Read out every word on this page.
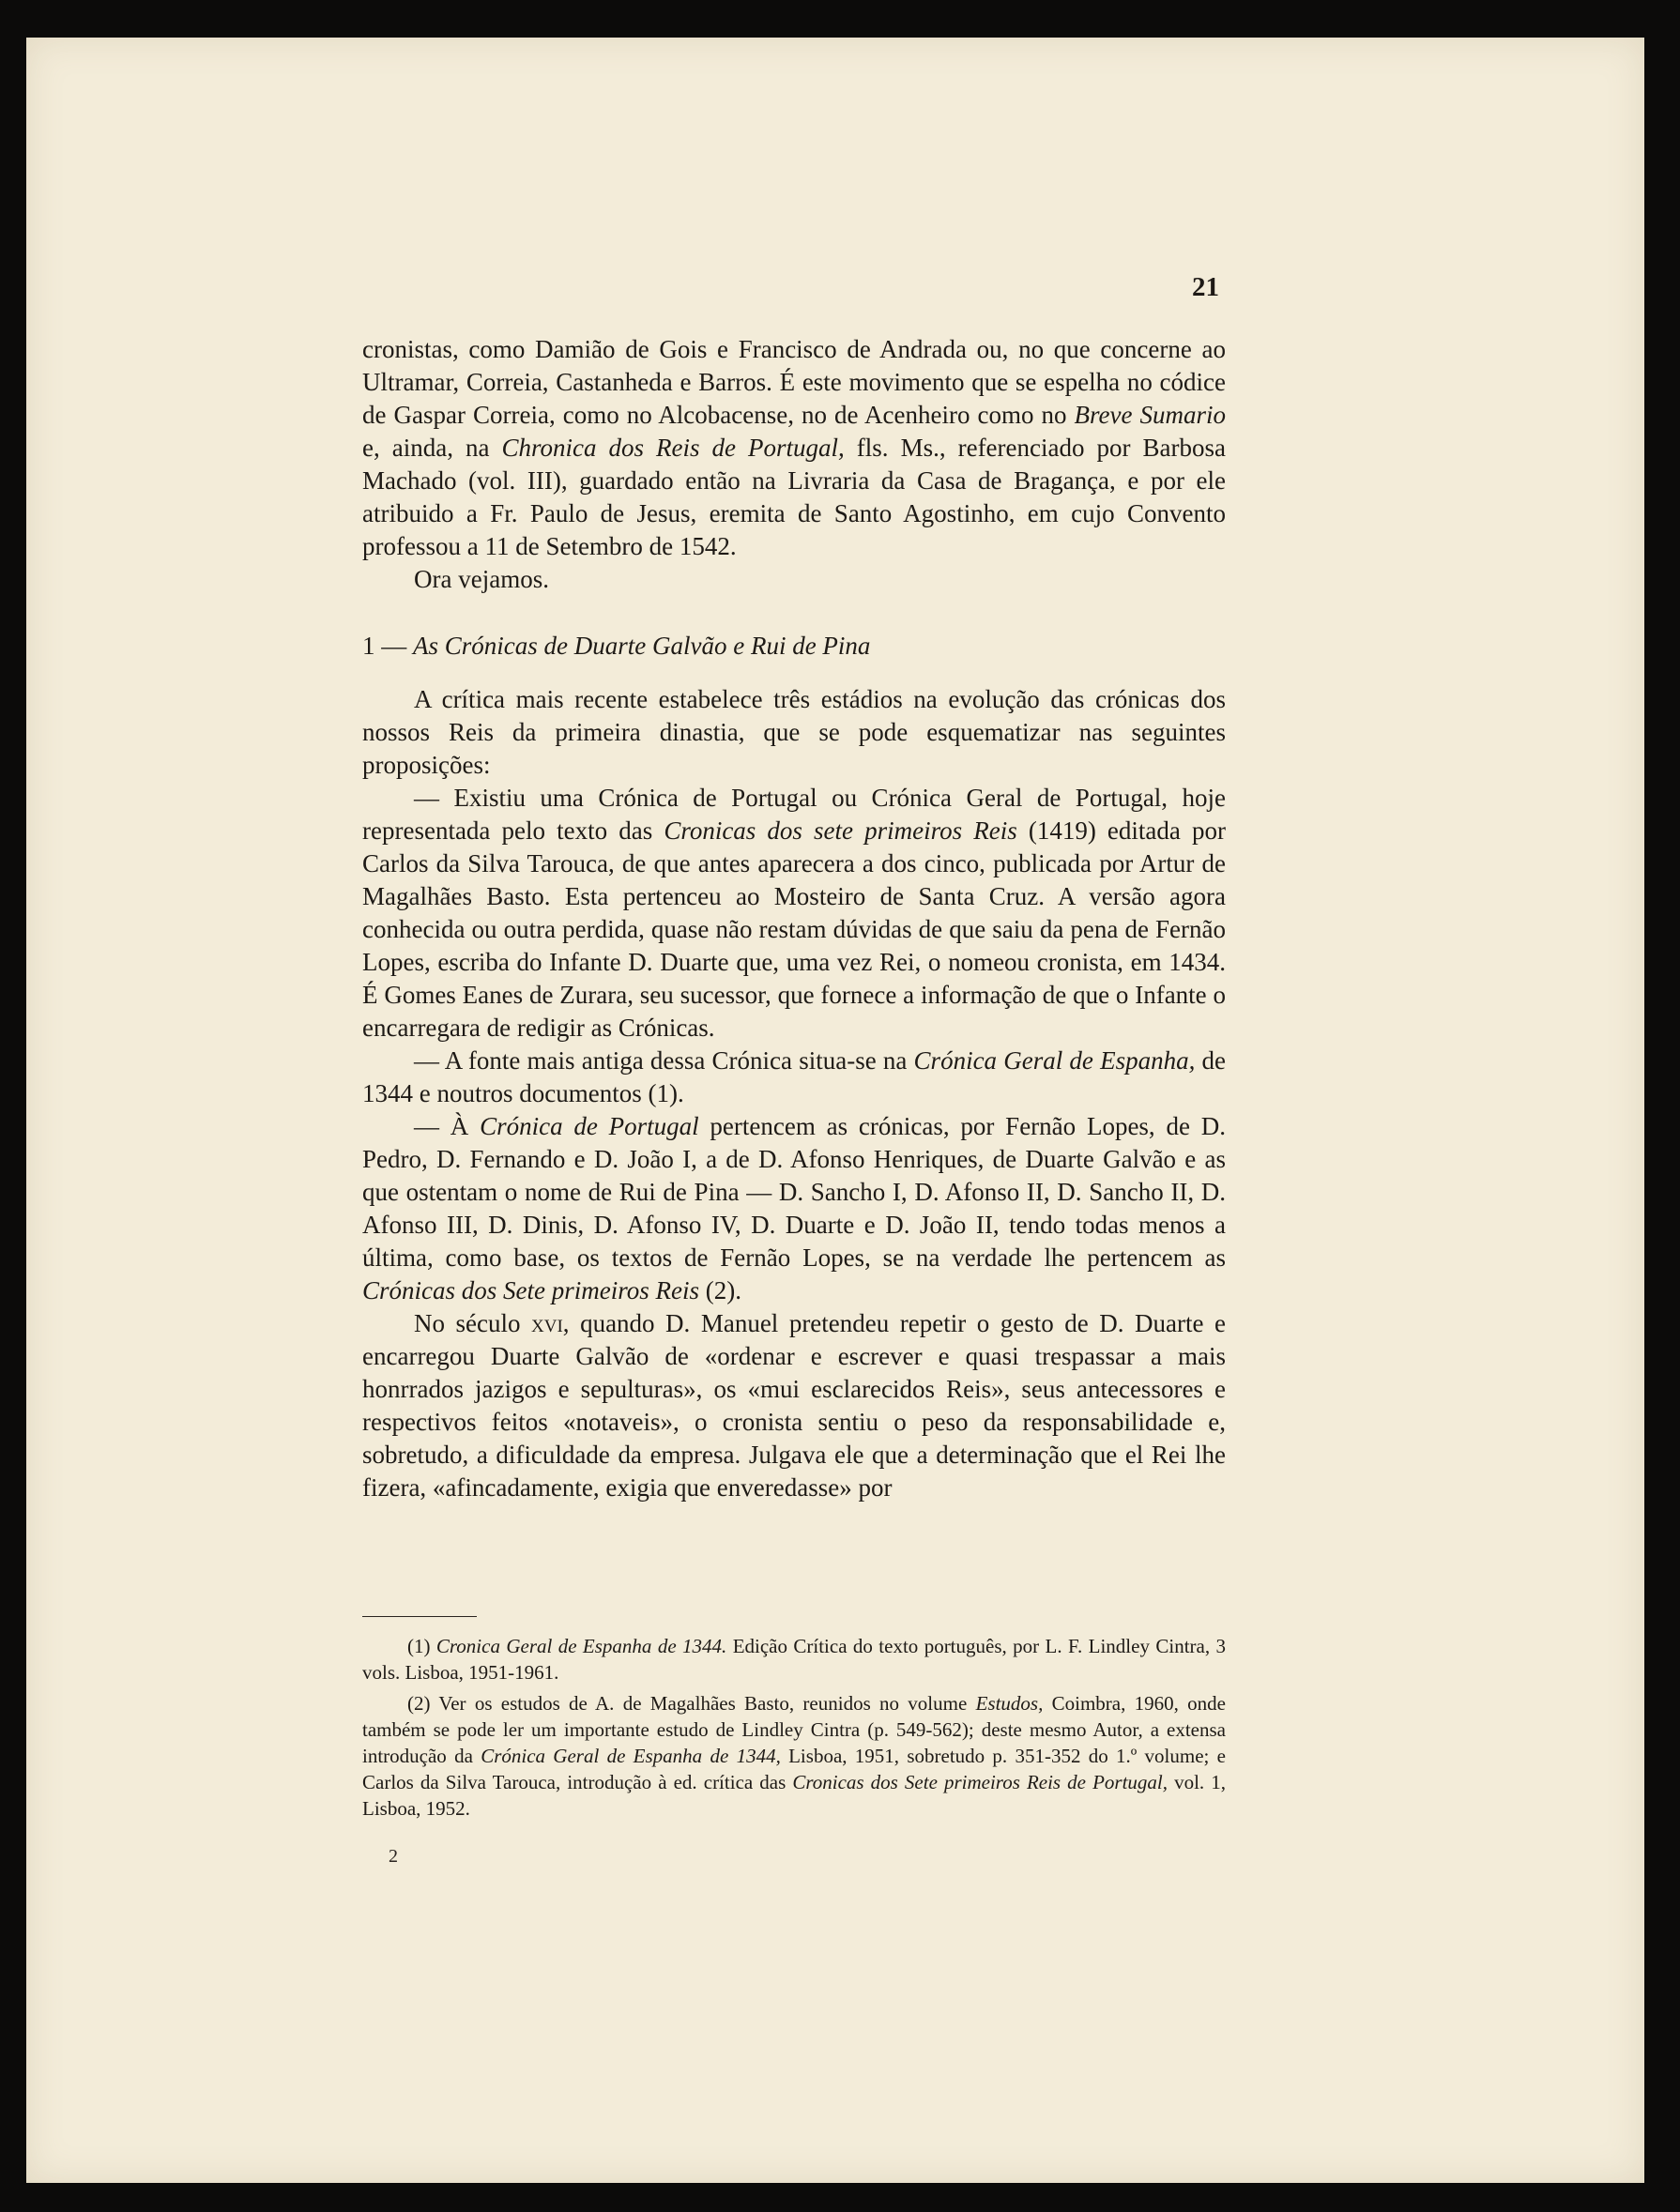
21

cronistas, como Damião de Gois e Francisco de Andrada ou, no que concerne ao Ultramar, Correia, Castanheda e Barros. É este movimento que se espelha no códice de Gaspar Correia, como no Alcobacense, no de Acenheiro como no Breve Sumario e, ainda, na Chronica dos Reis de Portugal, fls. Ms., referenciado por Barbosa Machado (vol. III), guardado então na Livraria da Casa de Bragança, e por ele atribuido a Fr. Paulo de Jesus, eremita de Santo Agostinho, em cujo Convento professou a 11 de Setembro de 1542.

Ora vejamos.

1 — As Crónicas de Duarte Galvão e Rui de Pina

A crítica mais recente estabelece três estádios na evolução das crónicas dos nossos Reis da primeira dinastia, que se pode esquematizar nas seguintes proposições:

— Existiu uma Crónica de Portugal ou Crónica Geral de Portugal, hoje representada pelo texto das Cronicas dos sete primeiros Reis (1419) editada por Carlos da Silva Tarouca, de que antes aparecera a dos cinco, publicada por Artur de Magalhães Basto. Esta pertenceu ao Mosteiro de Santa Cruz. A versão agora conhecida ou outra perdida, quase não restam dúvidas de que saiu da pena de Fernão Lopes, escriba do Infante D. Duarte que, uma vez Rei, o nomeou cronista, em 1434. É Gomes Eanes de Zurara, seu sucessor, que fornece a informação de que o Infante o encarregara de redigir as Crónicas.

— A fonte mais antiga dessa Crónica situa-se na Crónica Geral de Espanha, de 1344 e noutros documentos (1).

— À Crónica de Portugal pertencem as crónicas, por Fernão Lopes, de D. Pedro, D. Fernando e D. João I, a de D. Afonso Henriques, de Duarte Galvão e as que ostentam o nome de Rui de Pina — D. Sancho I, D. Afonso II, D. Sancho II, D. Afonso III, D. Dinis, D. Afonso IV, D. Duarte e D. João II, tendo todas menos a última, como base, os textos de Fernão Lopes, se na verdade lhe pertencem as Crónicas dos Sete primeiros Reis (2).

No século xvi, quando D. Manuel pretendeu repetir o gesto de D. Duarte e encarregou Duarte Galvão de «ordenar e escrever e quasi trespassar a mais honrrados jazigos e sepulturas», os «mui esclarecidos Reis», seus antecessores e respectivos feitos «notaveis», o cronista sentiu o peso da responsabilidade e, sobretudo, a dificuldade da empresa. Julgava ele que a determinação que el Rei lhe fizera, «afincadamente, exigia que enveredasse» por

(1) Cronica Geral de Espanha de 1344. Edição Crítica do texto português, por L. F. Lindley Cintra, 3 vols. Lisboa, 1951-1961.

(2) Ver os estudos de A. de Magalhães Basto, reunidos no volume Estudos, Coimbra, 1960, onde também se pode ler um importante estudo de Lindley Cintra (p. 549-562); deste mesmo Autor, a extensa introdução da Crónica Geral de Espanha de 1344, Lisboa, 1951, sobretudo p. 351-352 do 1.º volume; e Carlos da Silva Tarouca, introdução à ed. crítica das Cronicas dos Sete primeiros Reis de Portugal, vol. 1, Lisboa, 1952.

2
